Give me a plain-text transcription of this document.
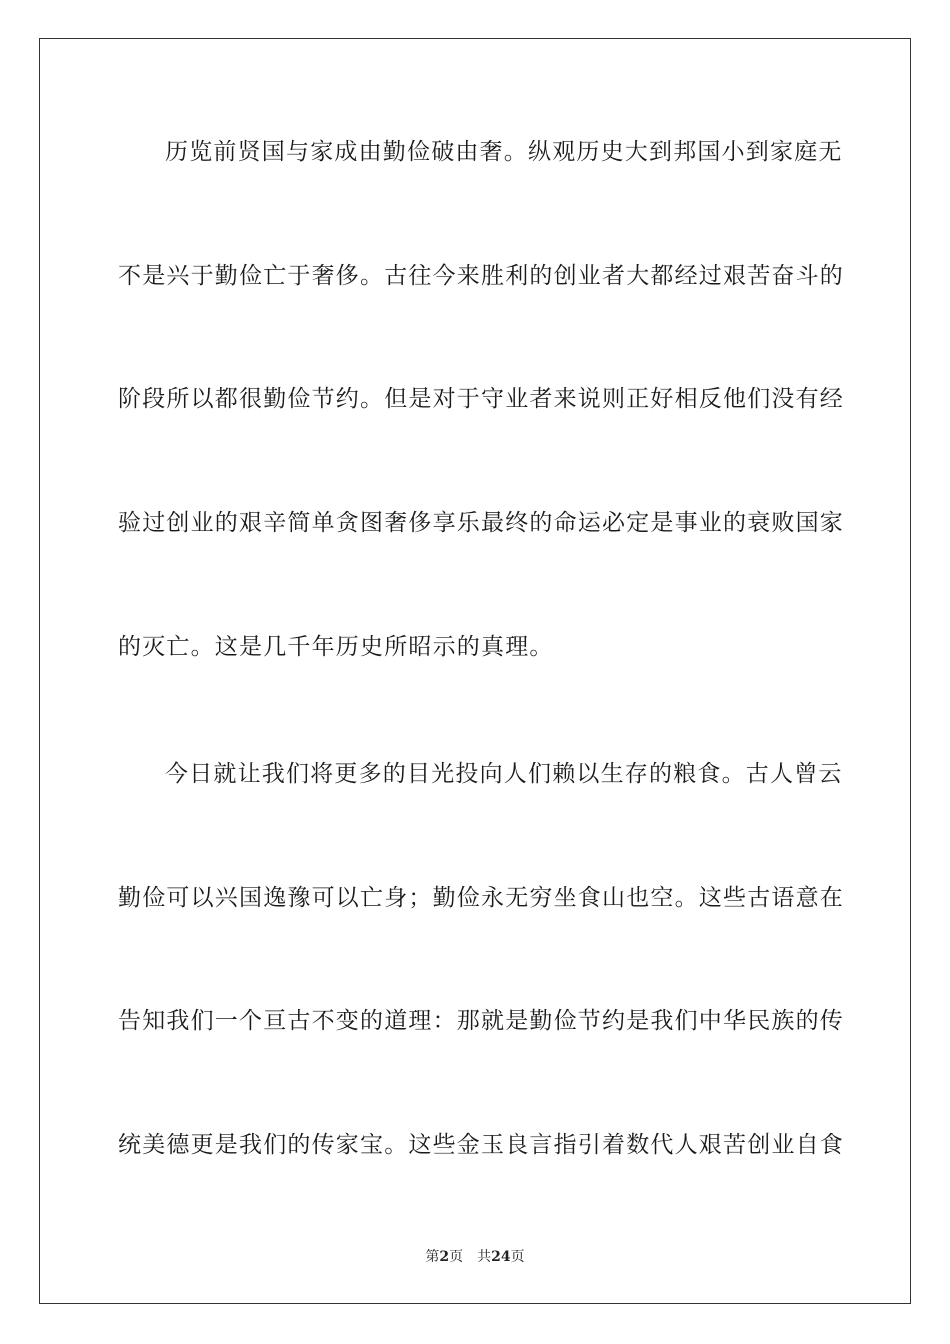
历览前贤国与家成由勤俭破由奢。纵观历史大到邦国小到家庭无
不是兴于勤俭亡于奢侈。古往今来胜利的创业者大都经过艰苦奋斗的
阶段所以都很勤俭节约。但是对于守业者来说则正好相反他们没有经
验过创业的艰辛简单贪图奢侈享乐最终的命运必定是事业的衰败国家
的灭亡。这是几千年历史所昭示的真理。
今日就让我们将更多的目光投向人们赖以生存的粮食。古人曾云
勤俭可以兴国逸豫可以亡身；勤俭永无穷坐食山也空。这些古语意在
告知我们一个亘古不变的道理：那就是勤俭节约是我们中华民族的传
统美德更是我们的传家宝。这些金玉良言指引着数代人艰苦创业自食
第2页 共24页
